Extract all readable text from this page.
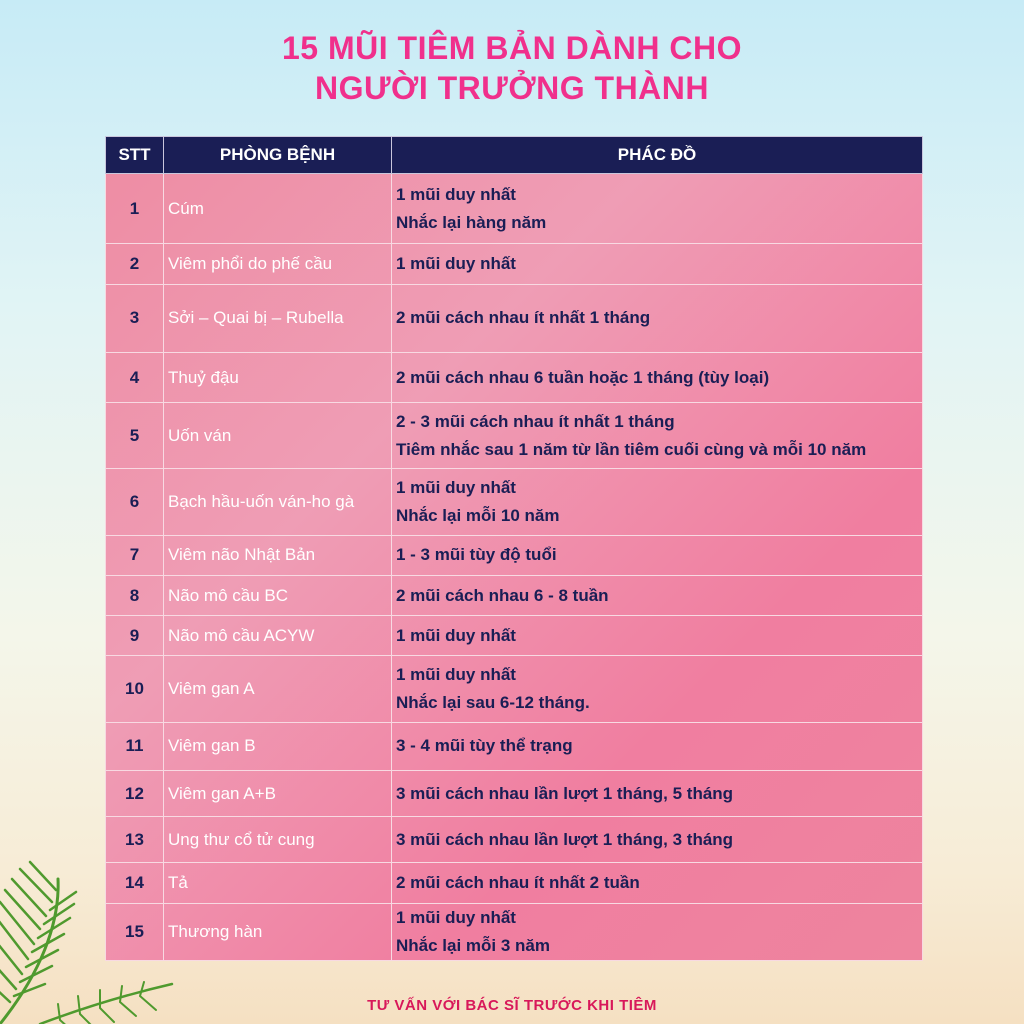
15 MŨI TIÊM BẢN DÀNH CHO
NGƯỜI TRƯỞNG THÀNH
STT	PHÒNG BỆNH	PHÁC ĐỒ
1	Cúm	1 mũi duy nhất
Nhắc lại hàng năm

2	Viêm phổi do phế cầu	1 mũi duy nhất

3	Sởi – Quai bị – Rubella	2 mũi cách nhau ít nhất 1 tháng

4	Thuỷ đậu	2 mũi cách nhau 6 tuần hoặc 1 tháng (tùy loại)

5	Uốn ván	2 - 3 mũi cách nhau ít nhất 1 tháng
Tiêm nhắc sau 1 năm từ lần tiêm cuối cùng và mỗi 10 năm

6	Bạch hầu-uốn ván-ho gà	1 mũi duy nhất
Nhắc lại mỗi 10 năm

7	Viêm não Nhật Bản	1 - 3 mũi tùy độ tuổi

8	Não mô cầu BC	2 mũi cách nhau 6 - 8 tuần

9	Não mô cầu ACYW	1 mũi duy nhất

10	Viêm gan A	1 mũi duy nhất
Nhắc lại sau 6-12 tháng.

11	Viêm gan B	3 - 4 mũi tùy thể trạng

12	Viêm gan A+B	3 mũi cách nhau lần lượt 1 tháng, 5 tháng

13	Ung thư cổ tử cung	3 mũi cách nhau lần lượt 1 tháng, 3 tháng

14	Tả	2 mũi cách nhau ít nhất 2 tuần

15	Thương hàn	1 mũi duy nhất
Nhắc lại mỗi 3 năm

TƯ VẤN VỚI BÁC SĨ TRƯỚC KHI TIÊM
